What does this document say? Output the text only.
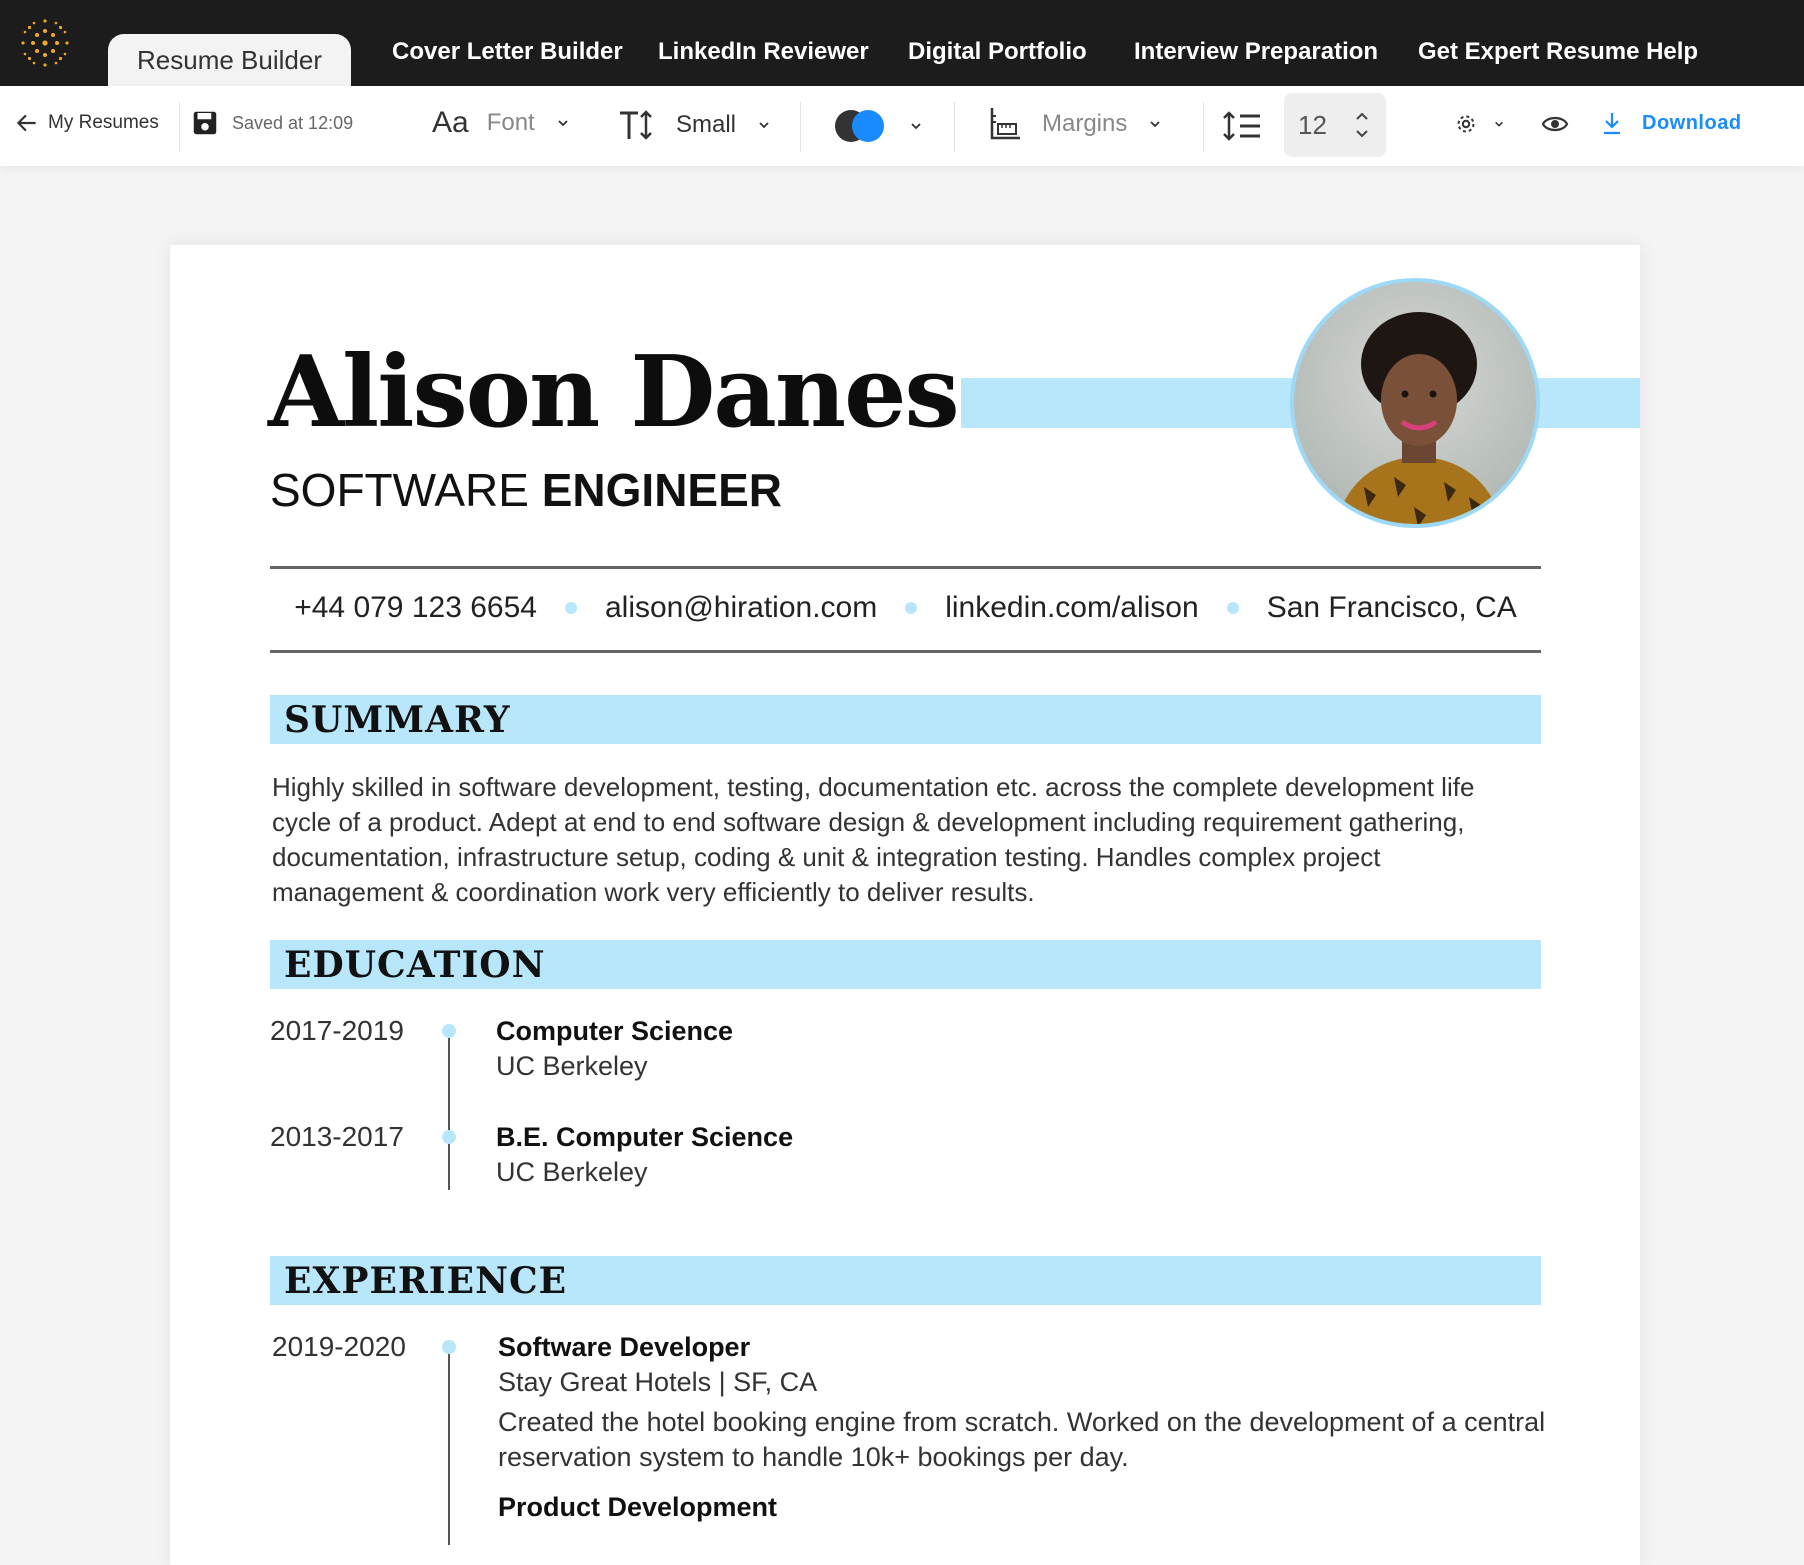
Resume Builder	Cover Letter Builder LinkedIn Reviewer Digital Portfolio Interview Preparation Get Expert Resume Help
My Resumes	Saved at 12:09	Aa Font	Small	Margins	12	Download
Alison Danes
SOFTWARE ENGINEER
+44 079 123 6654 alison@hiration.com linkedin.com/alison San Francisco, CA
SUMMARY
Highly skilled in software development, testing, documentation etc. across the complete development life cycle of a product. Adept at end to end software design & development including requirement gathering, documentation, infrastructure setup, coding & unit & integration testing. Handles complex project management & coordination work very efficiently to deliver results.
EDUCATION
2017-2019	Computer Science
UC Berkeley
2013-2017	B.E. Computer Science
UC Berkeley
EXPERIENCE
2019-2020	Software Developer
Stay Great Hotels | SF, CA
Created the hotel booking engine from scratch. Worked on the development of a central reservation system to handle 10k+ bookings per day.
Product Development
